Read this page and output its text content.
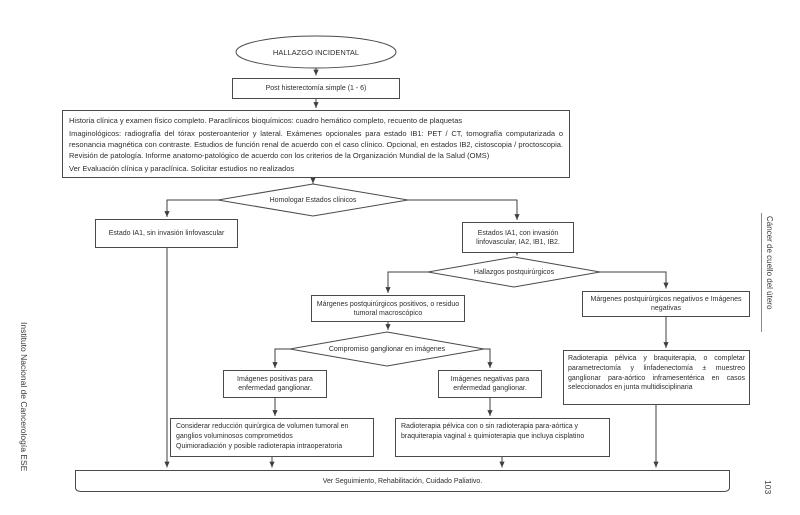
HALLAZGO INCIDENTAL
Post histerectomía simple (1 - 6)
Historia clínica y examen físico completo. Paraclínicos bioquímicos: cuadro hemático completo, recuento de plaquetas
Imaginológicos: radiografía del tórax posteroanterior y lateral. Exámenes opcionales para estado IB1: PET / CT, tomografía computarizada o resonancia magnética con contraste. Estudios de función renal de acuerdo con el caso clínico. Opcional, en estados IB2, cistoscopia / proctoscopia. Revisión de patología. Informe anatomo-patológico de acuerdo con los criterios de la Organización Mundial de la Salud (OMS)
Ver Evaluación clínica y paraclínica. Solicitar estudios no realizados
Homologar Estados clínicos
Estado IA1, sin invasión linfovascular	Estados IA1, con invasión linfovascular, IA2, IB1, IB2.
Hallazgos postquirúrgicos
Márgenes postquirúrgicos positivos, o residuo tumoral macroscópico
Márgenes postquirúrgicos negativos e Imágenes negativas
Compromiso ganglionar en imágenes
Imágenes positivas para enfermedad ganglionar.
Imágenes negativas para enfermedad ganglionar.
Radioterapia pélvica y braquiterapia, o completar parametrectomía y linfadenectomía ± muestreo ganglionar para-aórtico inframesentérica en casos seleccionados en junta multidisciplinaria
Considerar reducción quirúrgica de volumen tumoral en ganglios voluminosos comprometidos
Quimioradiación y posible radioterapia intraoperatoria
Radioterapia pélvica con o sin radioterapia para-aórtica y braquiterapia vaginal ± quimioterapia que incluya cisplatino
Ver Seguimiento, Rehabilitación, Cuidado Paliativo.
Instituto Nacional de Cancerología ESE
Cáncer de cuello del útero
103
